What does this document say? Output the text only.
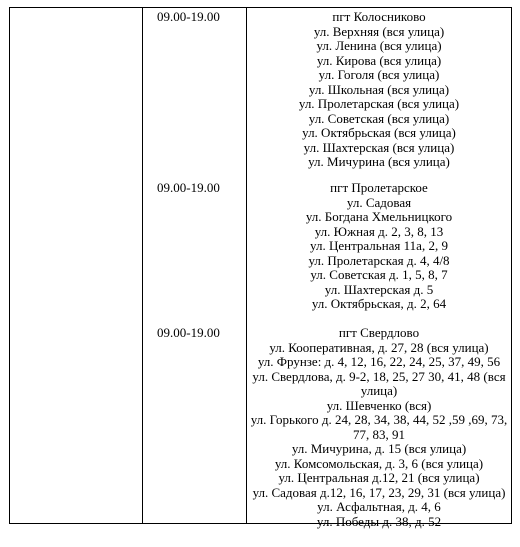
09.00-19.00
09.00-19.00
09.00-19.00
пгт Колосниково
ул. Верхняя (вся улица)
ул. Ленина (вся улица)
ул. Кирова (вся улица)
ул. Гоголя (вся улица)
ул. Школьная (вся улица)
ул. Пролетарская (вся улица)
ул. Советская (вся улица)
ул. Октябрьская (вся улица)
ул. Шахтерская (вся улица)
ул. Мичурина (вся улица)
пгт Пролетарское
ул. Садовая
ул. Богдана Хмельницкого
ул. Южная д. 2, 3, 8, 13
ул. Центральная 11а, 2, 9
ул. Пролетарская д. 4, 4/8
ул. Советская д. 1, 5, 8, 7
ул. Шахтерская д. 5
ул. Октябрьская, д. 2, 64
пгт Свердлово
ул. Кооперативная, д. 27, 28 (вся улица)
ул. Фрунзе: д. 4, 12, 16, 22, 24, 25, 37, 49, 56
ул. Свердлова, д. 9-2, 18, 25, 27 30, 41, 48 (вся
улица)
ул. Шевченко (вся)
ул. Горького д. 24, 28, 34, 38, 44, 52 ,59 ,69, 73,
77, 83, 91
ул. Мичурина, д. 15 (вся улица)
ул. Комсомольская, д. 3, 6 (вся улица)
ул. Центральная д.12, 21 (вся улица)
ул. Садовая д.12, 16, 17, 23, 29, 31 (вся улица)
ул. Асфальтная, д. 4, 6
ул. Победы д. 38, д. 52
